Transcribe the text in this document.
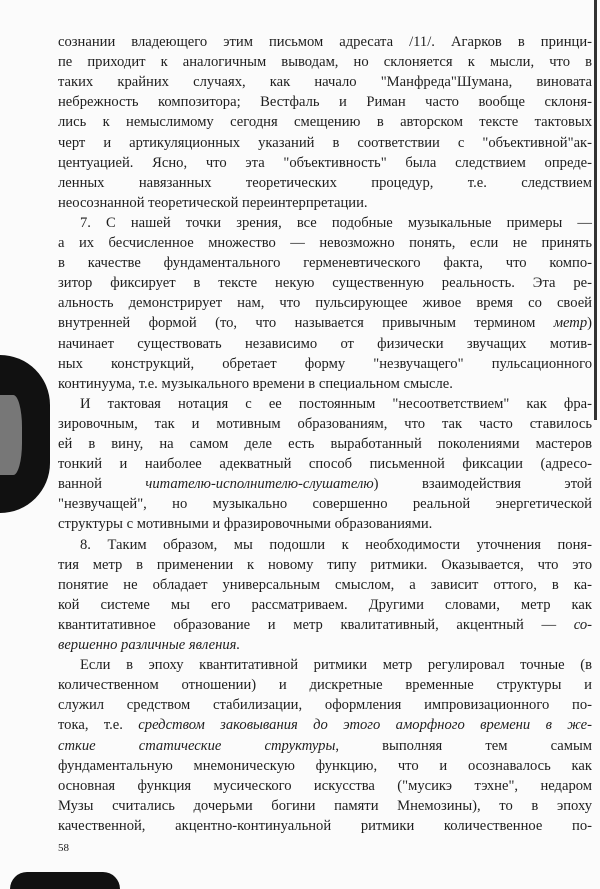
сознании владеющего этим письмом адресата /11/. Агарков в принци-
пе приходит к аналогичным выводам, но склоняется к мысли, что в
таких крайних случаях, как начало "Манфреда"Шумана, виновата
небрежность композитора; Вестфаль и Риман часто вообще склоня-
лись к немыслимому сегодня смещению в авторском тексте тактовых
черт и артикуляционных указаний в соответствии с "объективной"ак-
центуацией. Ясно, что эта "объективность" была следствием опреде-
ленных навязанных теоретических процедур, т.е. следствием
неосознанной теоретической переинтерпретации.
7. С нашей точки зрения, все подобные музыкальные примеры —
а их бесчисленное множество — невозможно понять, если не принять
в качестве фундаментального герменевтического факта, что компо-
зитор фиксирует в тексте некую существенную реальность. Эта ре-
альность демонстрирует нам, что пульсирующее живое время со своей
внутренней формой (то, что называется привычным термином метр)
начинает существовать независимо от физически звучащих мотив-
ных конструкций, обретает форму "незвучащего" пульсационного
континуума, т.е. музыкального времени в специальном смысле.
И тактовая нотация с ее постоянным "несоответствием" как фра-
зировочным, так и мотивным образованиям, что так часто ставилось
ей в вину, на самом деле есть выработанный поколениями мастеров
тонкий и наиболее адекватный способ письменной фиксации (адресо-
ванной читателю-исполнителю-слушателю) взаимодействия этой
"незвучащей", но музыкально совершенно реальной энергетической
структуры с мотивными и фразировочными образованиями.
8. Таким образом, мы подошли к необходимости уточнения поня-
тия метр в применении к новому типу ритмики. Оказывается, что это
понятие не обладает универсальным смыслом, а зависит оттого, в ка-
кой системе мы его рассматриваем. Другими словами, метр как
квантитативное образование и метр квалитативный, акцентный — со-
вершенно различные явления.
Если в эпоху квантитативной ритмики метр регулировал точные (в
количественном отношении) и дискретные временные структуры и
служил средством стабилизации, оформления импровизационного по-
тока, т.е. средством заковывания до этого аморфного времени в же-
сткие статические структуры, выполняя тем самым
фундаментальную мнемоническую функцию, что и осознавалось как
основная функция мусического искусства ("мусикэ тэхне", недаром
Музы считались дочерьми богини памяти Мнемозины), то в эпоху
качественной, акцентно-континуальной ритмики количественное по-
58
